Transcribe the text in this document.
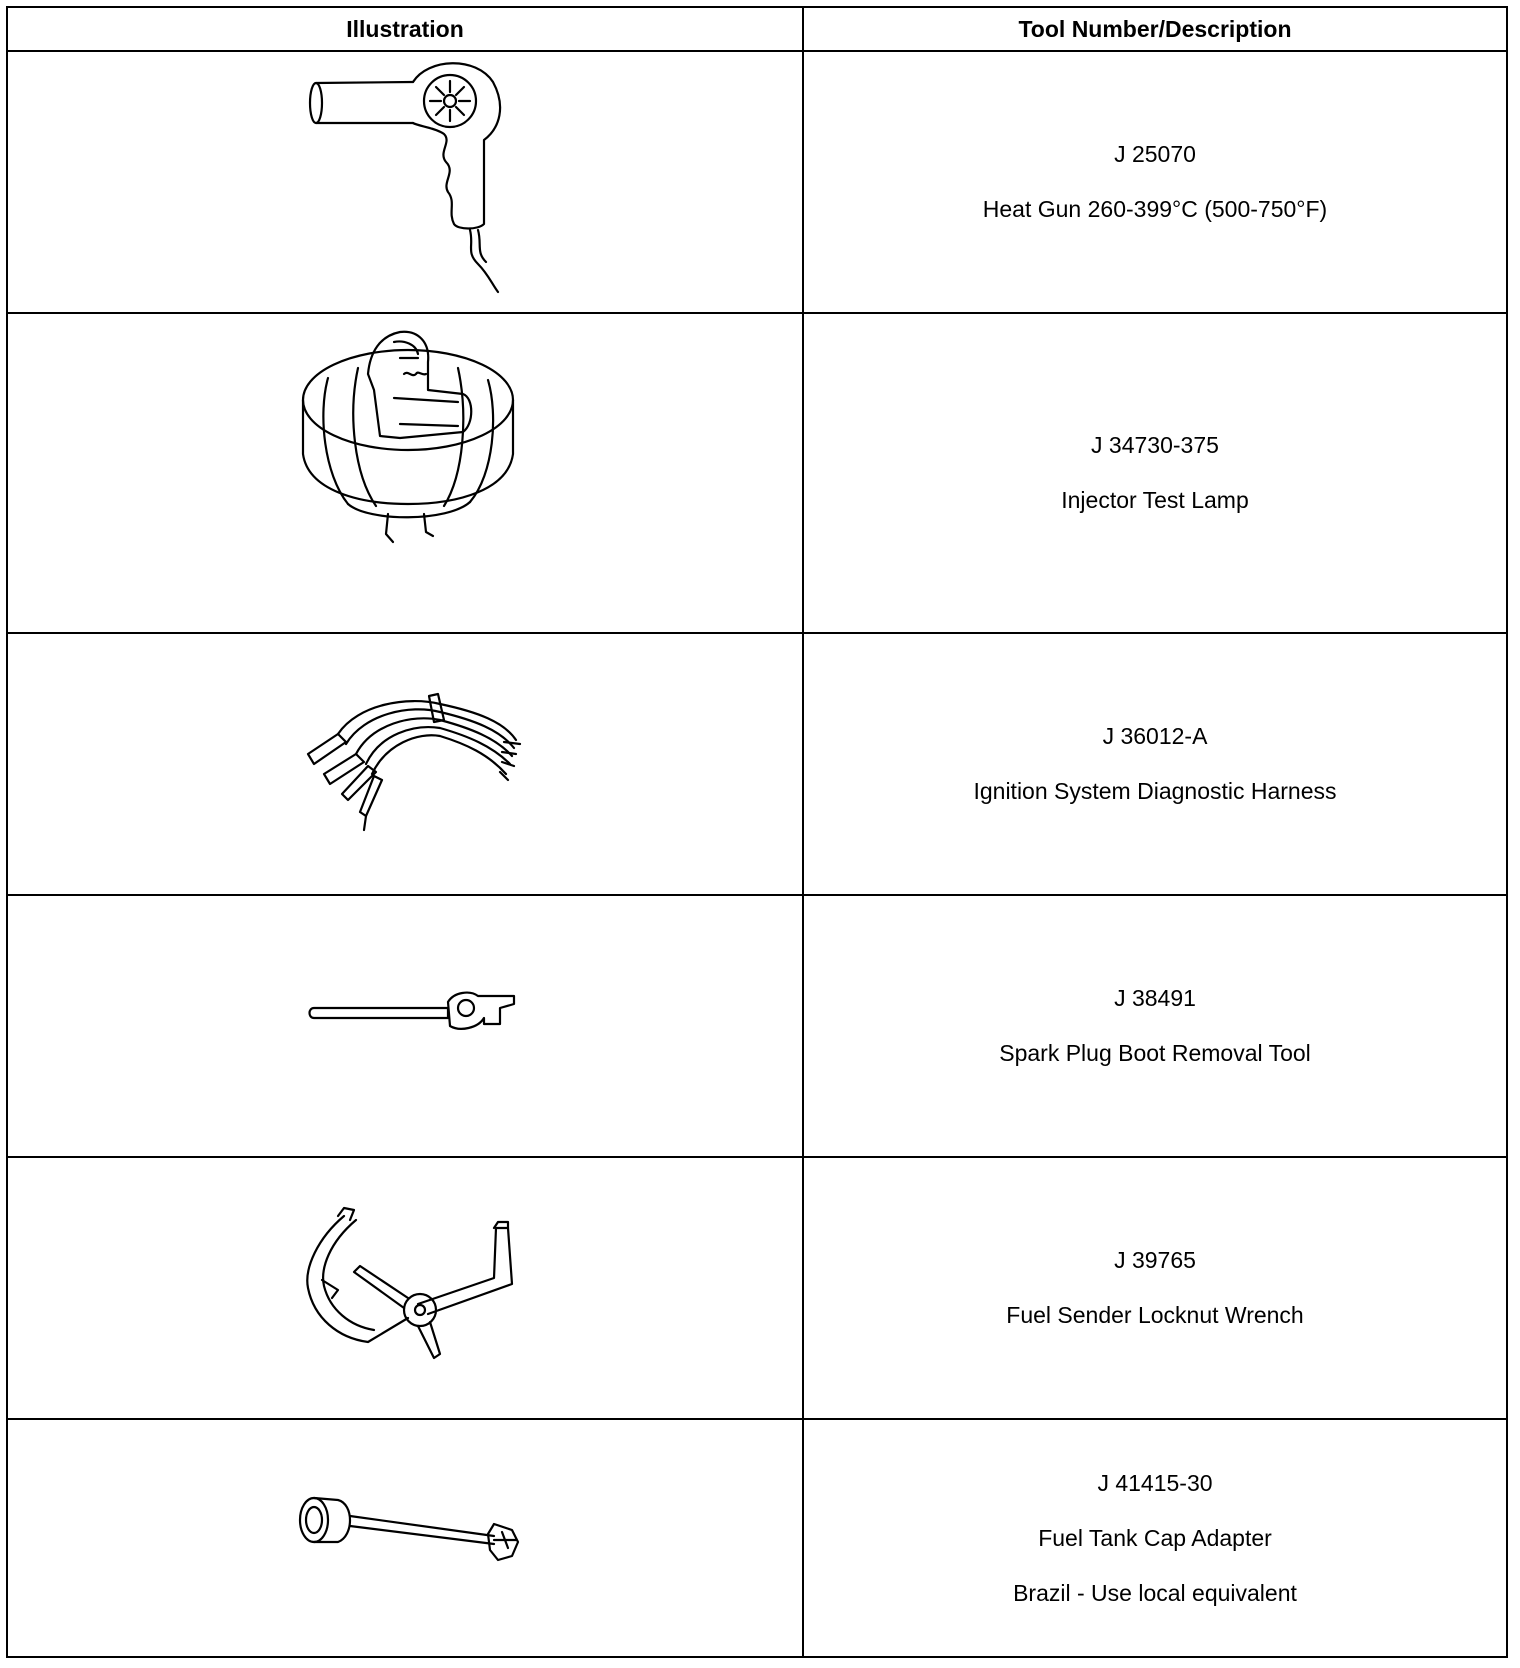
Illustration	Tool Number/Description

J 25070
Heat Gun 260-399°C (500-750°F)

J 34730-375
Injector Test Lamp

J 36012-A
Ignition System Diagnostic Harness

J 38491
Spark Plug Boot Removal Tool

J 39765
Fuel Sender Locknut Wrench

J 41415-30
Fuel Tank Cap Adapter
Brazil - Use local equivalent
